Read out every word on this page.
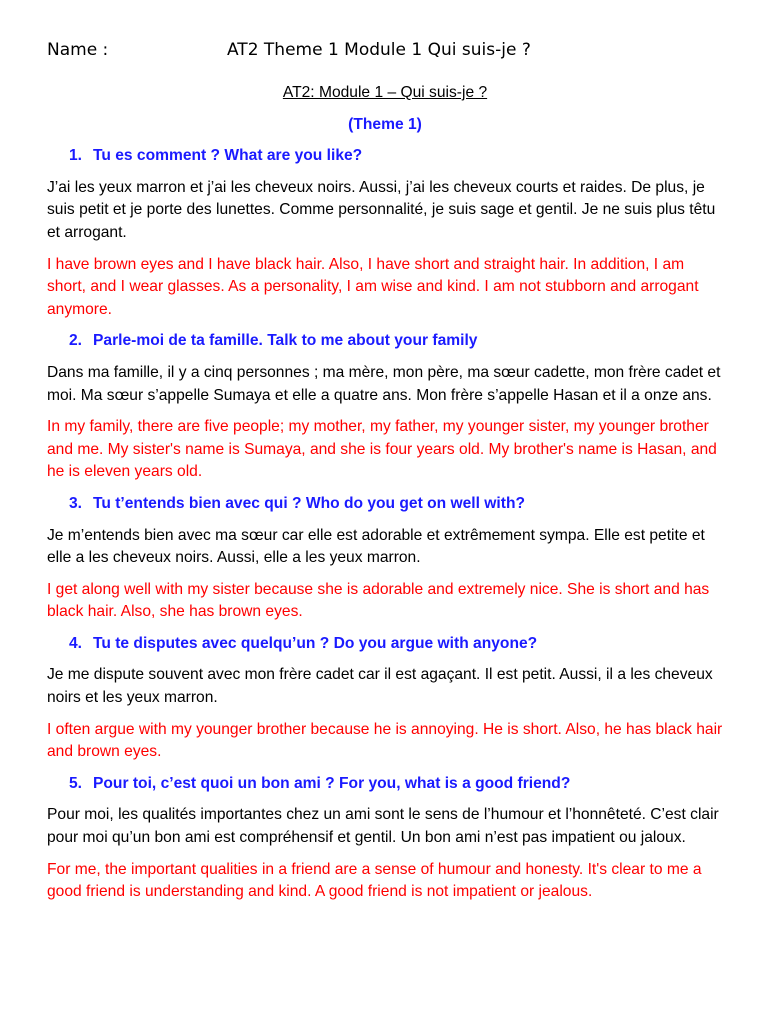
Name :	AT2 Theme 1 Module 1 Qui suis-je ?

AT2: Module 1 – Qui suis-je ?

(Theme 1)

1. Tu es comment ? What are you like?

J’ai les yeux marron et j’ai les cheveux noirs. Aussi, j’ai les cheveux courts et raides. De plus, je suis petit et je porte des lunettes. Comme personnalité, je suis sage et gentil. Je ne suis plus têtu et arrogant.

I have brown eyes and I have black hair. Also, I have short and straight hair. In addition, I am short, and I wear glasses. As a personality, I am wise and kind. I am not stubborn and arrogant anymore.

2. Parle-moi de ta famille. Talk to me about your family

Dans ma famille, il y a cinq personnes ; ma mère, mon père, ma sœur cadette, mon frère cadet et moi. Ma sœur s’appelle Sumaya et elle a quatre ans. Mon frère s’appelle Hasan et il a onze ans.

In my family, there are five people; my mother, my father, my younger sister, my younger brother and me. My sister's name is Sumaya, and she is four years old. My brother's name is Hasan, and he is eleven years old.

3. Tu t’entends bien avec qui ? Who do you get on well with?

Je m’entends bien avec ma sœur car elle est adorable et extrêmement sympa. Elle est petite et elle a les cheveux noirs. Aussi, elle a les yeux marron.

I get along well with my sister because she is adorable and extremely nice. She is short and has black hair. Also, she has brown eyes.

4. Tu te disputes avec quelqu’un ? Do you argue with anyone?

Je me dispute souvent avec mon frère cadet car il est agaçant. Il est petit. Aussi, il a les cheveux noirs et les yeux marron.

I often argue with my younger brother because he is annoying. He is short. Also, he has black hair and brown eyes.

5. Pour toi, c’est quoi un bon ami ? For you, what is a good friend?

Pour moi, les qualités importantes chez un ami sont le sens de l’humour et l’honnêteté. C’est clair pour moi qu’un bon ami est compréhensif et gentil. Un bon ami n’est pas impatient ou jaloux.

For me, the important qualities in a friend are a sense of humour and honesty. It's clear to me a good friend is understanding and kind. A good friend is not impatient or jealous.
